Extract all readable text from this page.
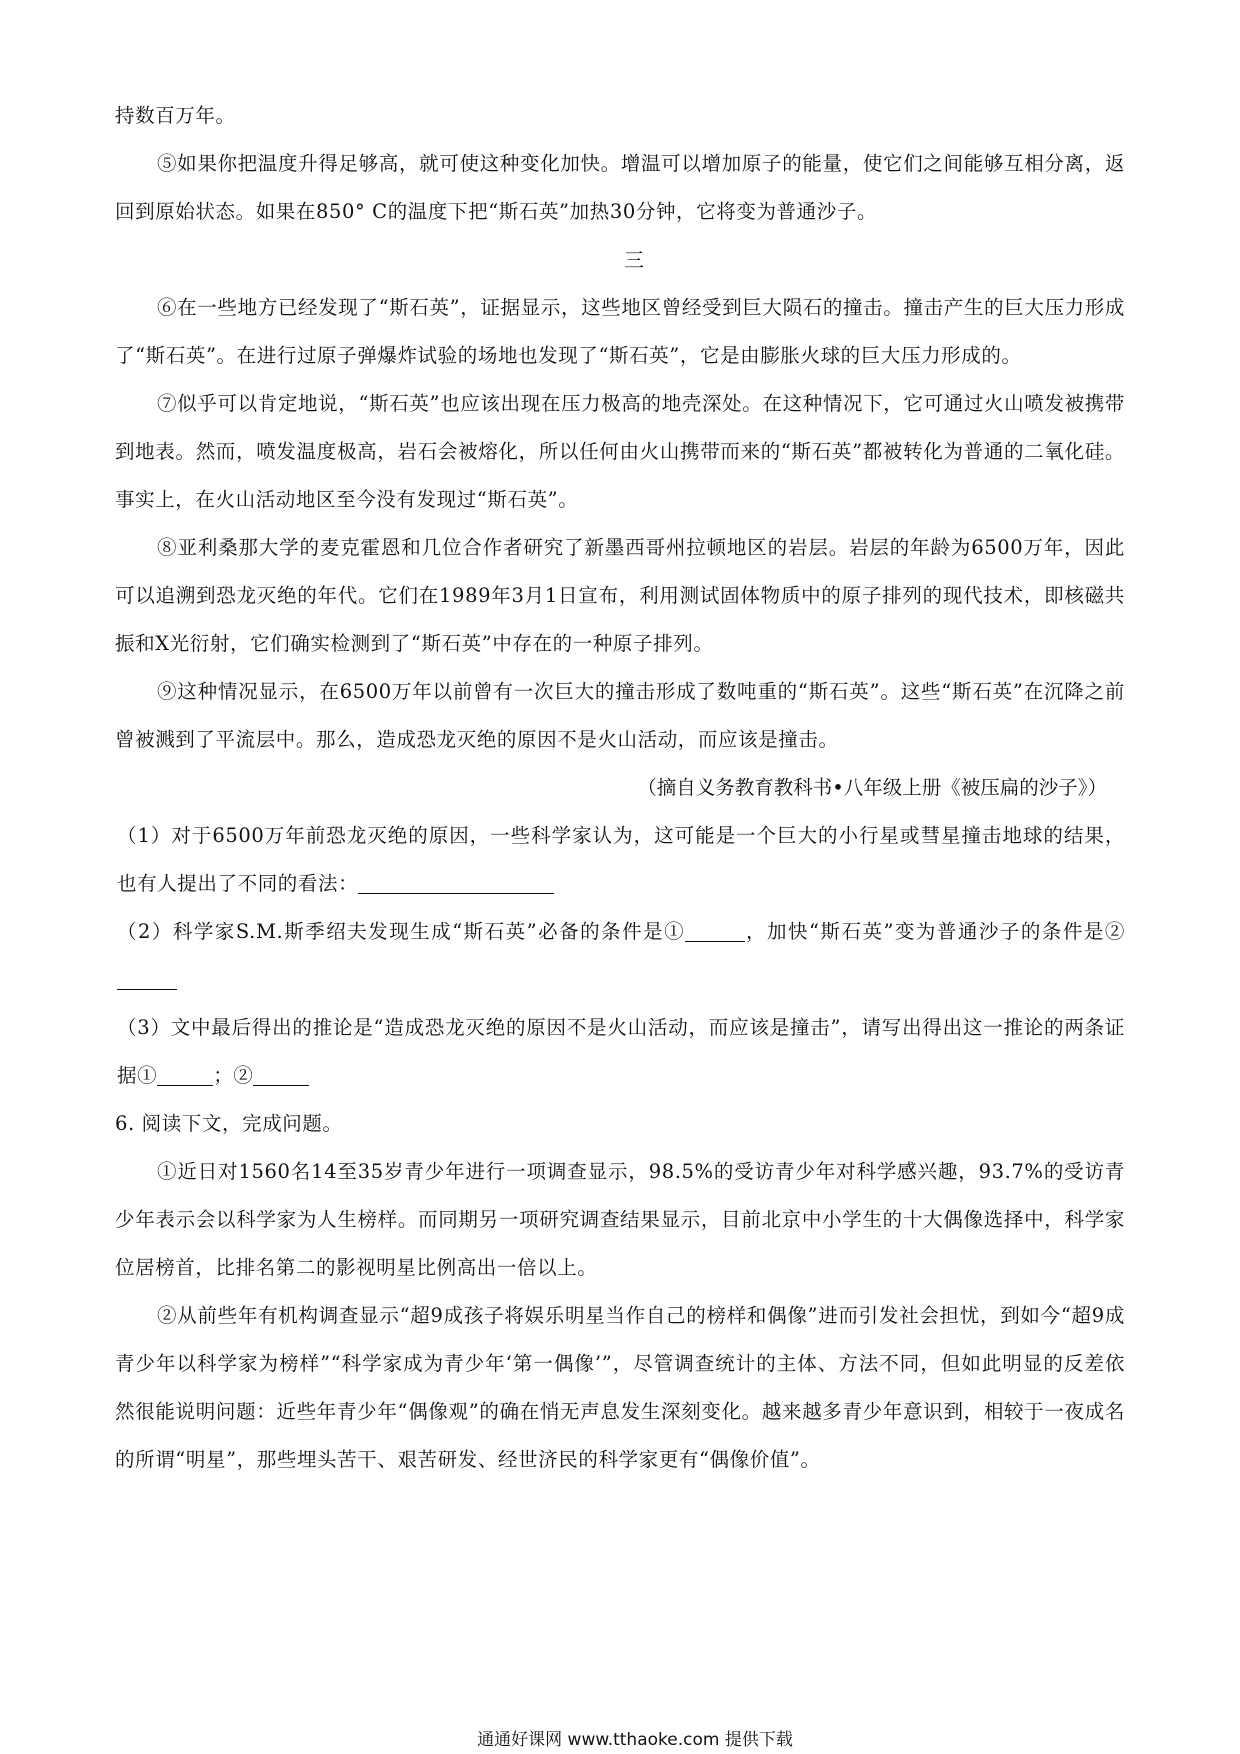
持数百万年。

⑤如果你把温度升得足够高，就可使这种变化加快。增温可以增加原子的能量，使它们之间能够互相分离，返回到原始状态。如果在850° C的温度下把“斯石英”加热30分钟，它将变为普通沙子。

三

⑥在一些地方已经发现了“斯石英”，证据显示，这些地区曾经受到巨大陨石的撞击。撞击产生的巨大压力形成了“斯石英”。在进行过原子弹爆炸试验的场地也发现了“斯石英”，它是由膨胀火球的巨大压力形成的。

⑦似乎可以肯定地说，“斯石英”也应该出现在压力极高的地壳深处。在这种情况下，它可通过火山喷发被携带到地表。然而，喷发温度极高，岩石会被熔化，所以任何由火山携带而来的“斯石英”都被转化为普通的二氧化硅。事实上，在火山活动地区至今没有发现过“斯石英”。

⑧亚利桑那大学的麦克霍恩和几位合作者研究了新墨西哥州拉顿地区的岩层。岩层的年龄为6500万年，因此可以追溯到恐龙灭绝的年代。它们在1989年3月1日宣布，利用测试固体物质中的原子排列的现代技术，即核磁共振和X光衍射，它们确实检测到了“斯石英”中存在的一种原子排列。

⑨这种情况显示，在6500万年以前曾有一次巨大的撞击形成了数吨重的“斯石英”。这些“斯石英”在沉降之前曾被溅到了平流层中。那么，造成恐龙灭绝的原因不是火山活动，而应该是撞击。

（摘自义务教育教科书•八年级上册《被压扁的沙子》）

（1）对于6500万年前恐龙灭绝的原因，一些科学家认为，这可能是一个巨大的小行星或彗星撞击地球的结果，也有人提出了不同的看法：

（2）科学家S.M.斯季绍夫发现生成“斯石英”必备的条件是①	，加快“斯石英”变为普通沙子的条件是②

（3）文中最后得出的推论是“造成恐龙灭绝的原因不是火山活动，而应该是撞击”，请写出得出这一推论的两条证据①	；②

6. 阅读下文，完成问题。

①近日对1560名14至35岁青少年进行一项调查显示，98.5%的受访青少年对科学感兴趣，93.7%的受访青少年表示会以科学家为人生榜样。而同期另一项研究调查结果显示，目前北京中小学生的十大偶像选择中，科学家位居榜首，比排名第二的影视明星比例高出一倍以上。

②从前些年有机构调查显示“超9成孩子将娱乐明星当作自己的榜样和偶像”进而引发社会担忧，到如今“超9成青少年以科学家为榜样”“科学家成为青少年‘第一偶像’”，尽管调查统计的主体、方法不同，但如此明显的反差依然很能说明问题：近些年青少年“偶像观”的确在悄无声息发生深刻变化。越来越多青少年意识到，相较于一夜成名的所谓“明星”，那些埋头苦干、艰苦研发、经世济民的科学家更有“偶像价值”。

通通好课网 www.tthaoke.com 提供下载
